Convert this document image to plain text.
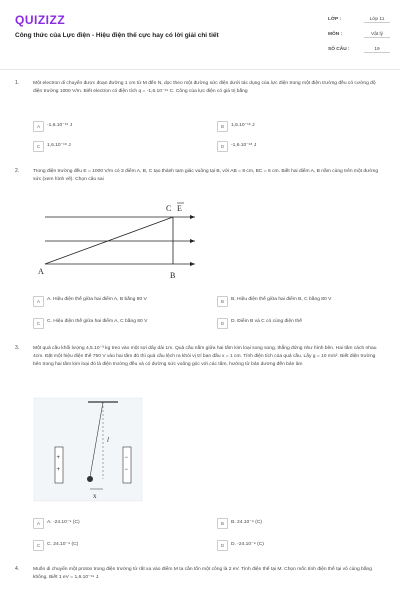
QUIZIZZ
Công thức của Lực điện - Hiệu điện thế cực hay có lời giải chi tiết
LỚP :	Lớp 11
MÔN :	Vật lý
SỐ CÂU :	19
1.	Một electron di chuyển được đoạn đường 1 cm từ M đến N, dọc theo một đường sức điện dưới tác dụng của lực điện trong một điện trường đều có cường độ điện trường 1000 V/m. Biết electron có điện tích q = -1,6.10⁻¹⁹ C. Công của lực điện có giá trị bằng
A	-1,6.10⁻¹⁶ J	B	1,6.10⁻¹⁶ J
C	1,6.10⁻¹⁸ J	D	-1,6.10⁻¹⁸ J
2.	Trong điện trường đều E = 1000 V/m có 3 điểm A, B, C tạo thành tam giác vuông tại B, với AB = 8 cm, BC = 6 cm. Biết hai điểm A, B nằm cùng trên một đường sức (xem hình vẽ). Chọn câu sai
A	B
C E
A	A. Hiệu điện thế giữa hai điểm A, B bằng 80 V	B	B. Hiệu điện thế giữa hai điểm B, C bằng 80 V
C	C. Hiệu điện thế giữa hai điểm A, C bằng 80 V	D	D. Điểm B và C có cùng điện thế
3.	Một quả cầu khối lượng 4,5.10⁻³ kg treo vào một sợi dây dài 1m. Quả cầu nằm giữa hai tấm kim loại song song, thẳng đứng như hình bên. Hai tấm cách nhau 4cm. Đặt một hiệu điện thế 750 V vào hai tấm đó thì quả cầu lệch ra khỏi vị trí ban đầu x = 1 cm. Tính điện tích của quả cầu. Lấy g = 10 m/s². Biết điện trường bên trong hai tấm kim loại đó là điện trường đều và có đường sức vuông góc với các tấm, hướng từ bản dương đến bản âm
l
x
+
+
−
−
A	A. -24.10⁻⁹ (C)	B	B. 24.10⁻⁹ (C)
C	C. 24.10⁻⁹ (C)	D	D. -24.10⁻⁹ (C)
4.	Muốn di chuyển một proton trong điện trường từ rất xa vào điểm M ta cần tốn một công là 2 eV. Tính điện thế tại M. Chọn mốc tính điện thế tại vô cùng bằng không. Biết 1 eV = 1,6.10⁻¹⁹ J.
